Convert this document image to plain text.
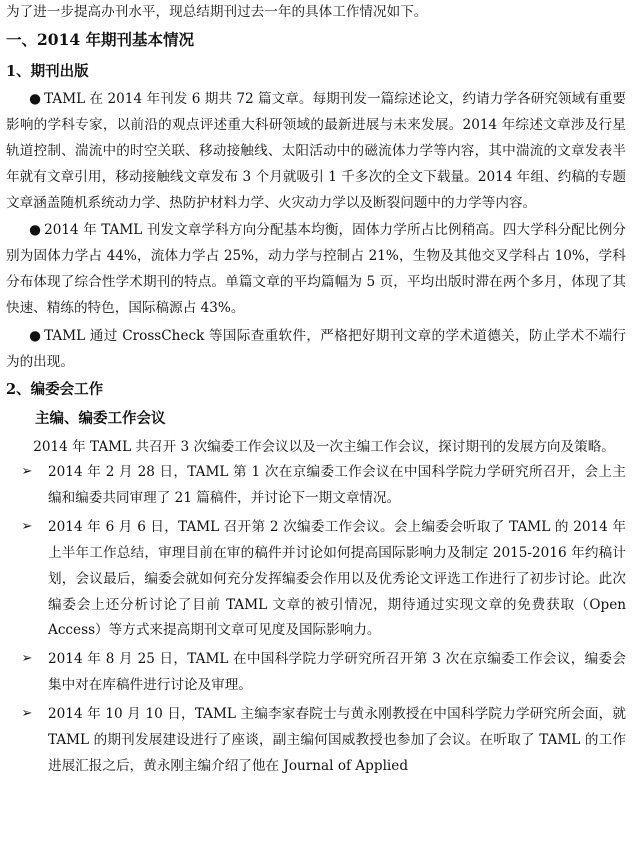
为了进一步提高办刊水平，现总结期刊过去一年的具体工作情况如下。

一、2014 年期刊基本情况
1、期刊出版

● TAML 在 2014 年刊发 6 期共 72 篇文章。每期刊发一篇综述论文，约请力学各研究领域有重要影响的学科专家，以前沿的观点评述重大科研领域的最新进展与未来发展。2014 年综述文章涉及行星轨道控制、湍流中的时空关联、移动接触线、太阳活动中的磁流体力学等内容，其中湍流的文章发表半年就有文章引用，移动接触线文章发布 3 个月就吸引 1 千多次的全文下载量。2014 年组、约稿的专题文章涵盖随机系统动力学、热防护材料力学、火灾动力学以及断裂问题中的力学等内容。

● 2014 年 TAML 刊发文章学科方向分配基本均衡，固体力学所占比例稍高。四大学科分配比例分别为固体力学占 44%，流体力学占 25%，动力学与控制占 21%，生物及其他交叉学科占 10%，学科分布体现了综合性学术期刊的特点。单篇文章的平均篇幅为 5 页，平均出版时滞在两个多月，体现了其快速、精练的特色，国际稿源占 43%。

● TAML 通过 CrossCheck 等国际查重软件，严格把好期刊文章的学术道德关，防止学术不端行为的出现。

2、编委会工作
主编、编委工作会议

2014 年 TAML 共召开 3 次编委工作会议以及一次主编工作会议，探讨期刊的发展方向及策略。

➢ 2014 年 2 月 28 日，TAML 第 1 次在京编委工作会议在中国科学院力学研究所召开，会上主编和编委共同审理了 21 篇稿件，并讨论下一期文章情况。

➢ 2014 年 6 月 6 日，TAML 召开第 2 次编委工作会议。会上编委会听取了 TAML 的 2014 年上半年工作总结，审理目前在审的稿件并讨论如何提高国际影响力及制定 2015-2016 年约稿计划，会议最后，编委会就如何充分发挥编委会作用以及优秀论文评选工作进行了初步讨论。此次编委会上还分析讨论了目前 TAML 文章的被引情况，期待通过实现文章的免费获取（Open Access）等方式来提高期刊文章可见度及国际影响力。

➢ 2014 年 8 月 25 日，TAML 在中国科学院力学研究所召开第 3 次在京编委工作会议，编委会集中对在库稿件进行讨论及审理。

➢ 2014 年 10 月 10 日，TAML 主编李家春院士与黄永刚教授在中国科学院力学研究所会面，就 TAML 的期刊发展建设进行了座谈，副主编何国威教授也参加了会议。在听取了 TAML 的工作进展汇报之后，黄永刚主编介绍了他在 Journal of Applied
